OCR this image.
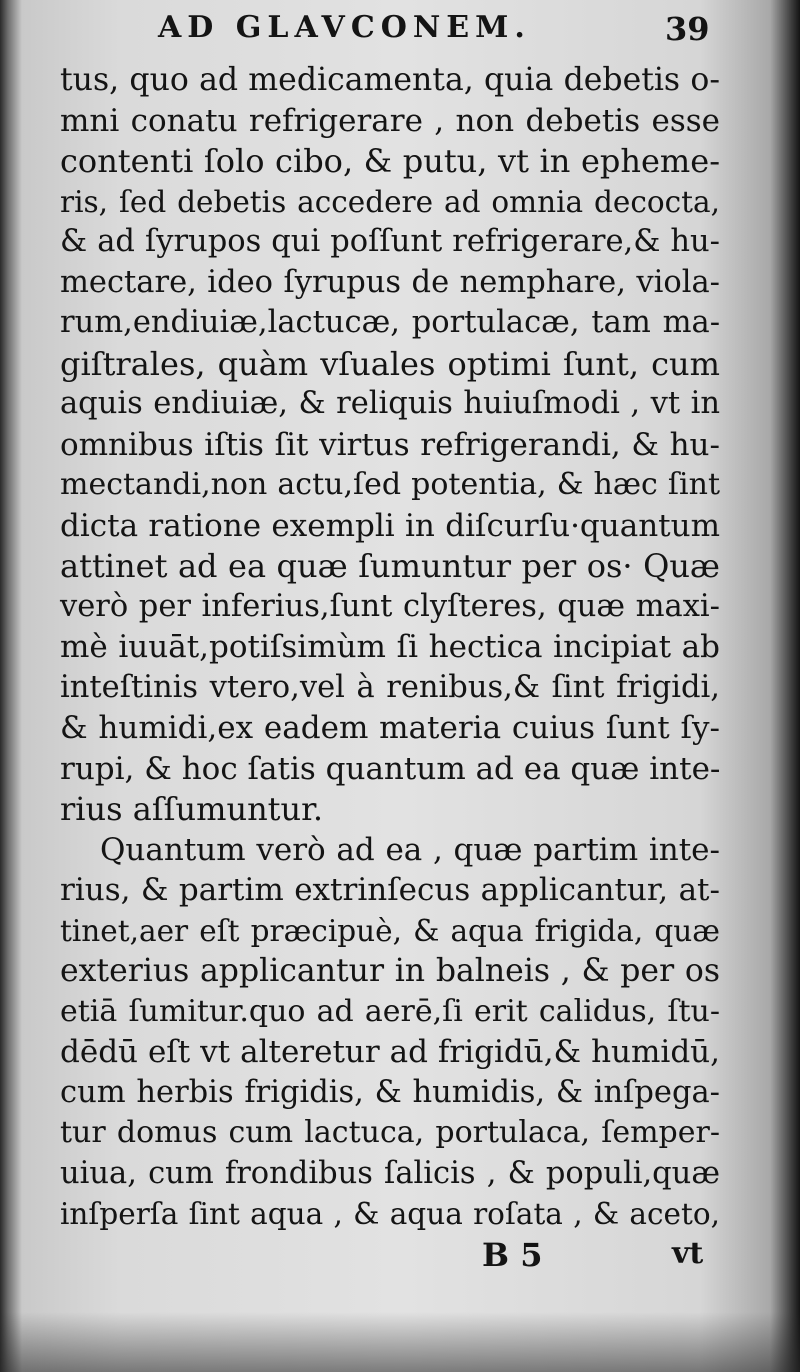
AD GLAVCONEM.	39
tus, quo ad medicamenta, quia debetis o-
mni conatu refrigerare , non debetis esse
contenti ſolo cibo, & putu, vt in epheme-
ris, ſed debetis accedere ad omnia decocta,
& ad ſyrupos qui poſſunt refrigerare,& hu-
mectare, ideo ſyrupus de nemphare, viola-
rum,endiuiæ,lactucæ, portulacæ, tam ma-
giſtrales, quàm vſuales optimi ſunt, cum
aquis endiuiæ, & reliquis huiuſmodi , vt in
omnibus iſtis ſit virtus refrigerandi, & hu-
mectandi,non actu,ſed potentia, & hæc ſint
dicta ratione exempli in diſcurſu·quantum
attinet ad ea quæ ſumuntur per os· Quæ
verò per inferius,ſunt clyſteres, quæ maxi-
mè iuuāt,potiſsimùm ſi hectica incipiat ab
inteſtinis vtero,vel à renibus,& ſint frigidi,
& humidi,ex eadem materia cuius ſunt ſy-
rupi, & hoc ſatis quantum ad ea quæ inte-
rius aſſumuntur.
Quantum verò ad ea , quæ partim inte-
rius, & partim extrinſecus applicantur, at-
tinet,aer eſt præcipuè, & aqua frigida, quæ
exterius applicantur in balneis , & per os
etiā ſumitur.quo ad aerē,ſi erit calidus, ſtu-
dēdū eſt vt alteretur ad frigidū,& humidū,
cum herbis frigidis, & humidis, & inſpega-
tur domus cum lactuca, portulaca, ſemper-
uiua, cum frondibus ſalicis , & populi,quæ
inſperſa ſint aqua , & aqua roſata , & aceto,
B 5	vt
